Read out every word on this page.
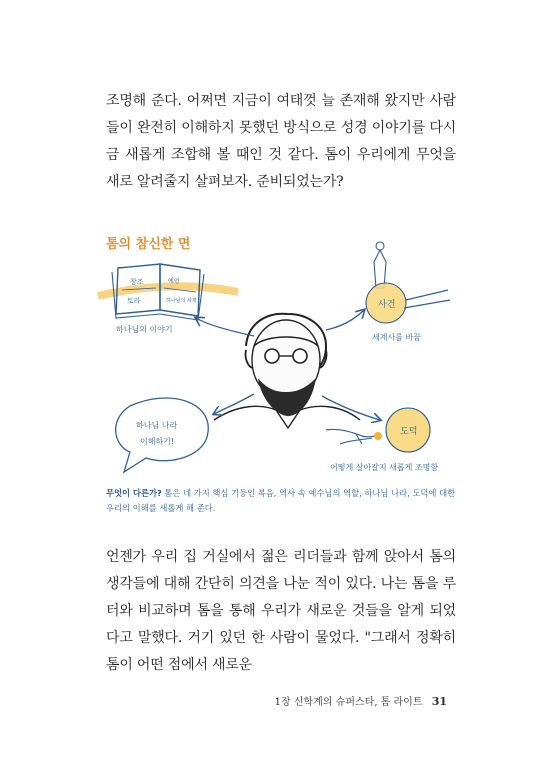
조명해 준다. 어쩌면 지금이 여태껏 늘 존재해 왔지만 사람들이 완전히 이해하지 못했던 방식으로 성경 이야기를 다시금 새롭게 조합해 볼 때인 것 같다. 톰이 우리에게 무엇을 새로 알려줄지 살펴보자. 준비되었는가?

톰의 참신한 면
창조
토라
예언
하나님의 세계
하나님의 이야기
사건
세계사를 바꿈
하나님 나라
이해하기!
도덕
어떻게 살아갈지 새롭게 조명함

무엇이 다른가? 톰은 네 가지 핵심 기둥인 복음, 역사 속 예수님의 역할, 하나님 나라, 도덕에 대한 우리의 이해를 새롭게 해 준다.

언젠가 우리 집 거실에서 젊은 리더들과 함께 앉아서 톰의 생각들에 대해 간단히 의견을 나눈 적이 있다. 나는 톰을 루터와 비교하며 톰을 통해 우리가 새로운 것들을 알게 되었다고 말했다. 거기 있던 한 사람이 물었다. "그래서 정확히 톰이 어떤 점에서 새로운

1장 신학계의 슈퍼스타, 톰 라이트 31
